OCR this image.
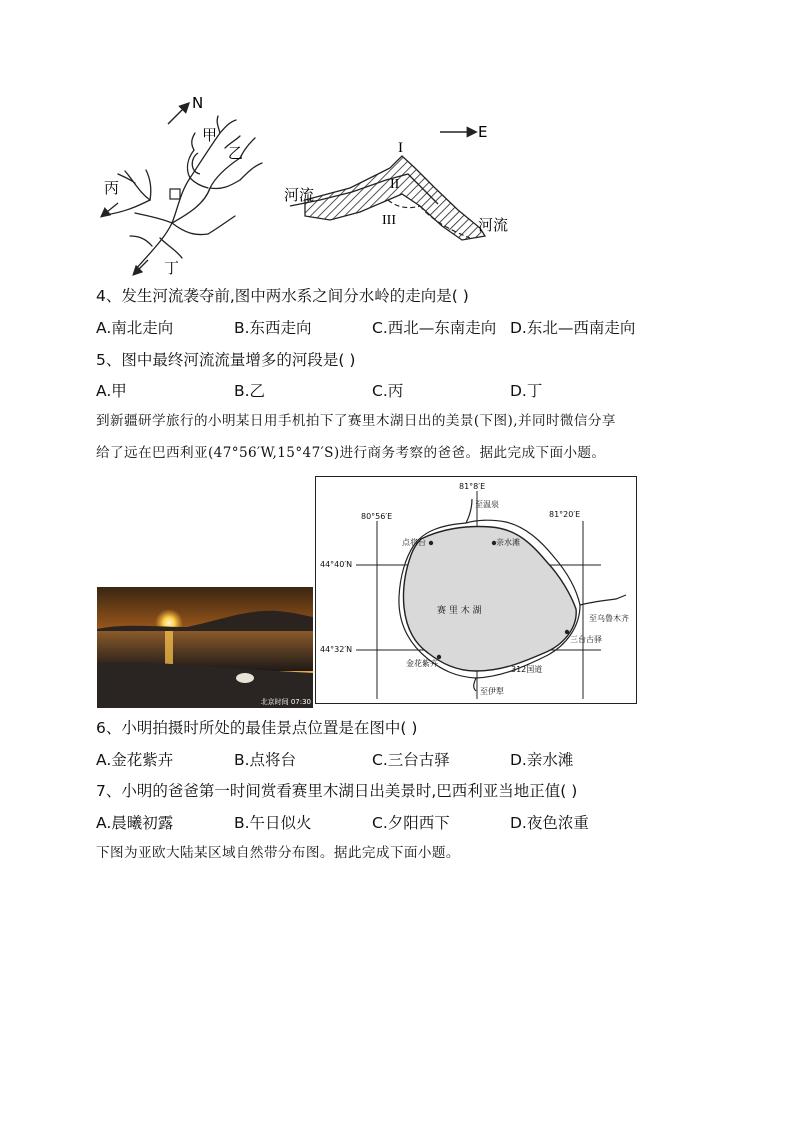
N
甲
乙
丙
丁
E
I
II
III
河流
河流
4、发生河流袭夺前,图中两水系之间分水岭的走向是( )
A.南北走向	B.东西走向	C.西北—东南走向 D.东北—西南走向
5、图中最终河流流量增多的河段是( )
A.甲	B.乙	C.丙	D.丁
到新疆研学旅行的小明某日用手机拍下了赛里木湖日出的美景(下图),并同时微信分享
给了远在巴西利亚(47°56′W,15°47′S)进行商务考察的爸爸。据此完成下面小题。
北京时间 07:30
81°8′E
80°56′E	81°20′E
44°40′N
44°32′N
至温泉
点将台	亲水滩
赛 里 木 湖
至乌鲁木齐
三台古驿
金花紫卉
312国道
至伊犁
6、小明拍摄时所处的最佳景点位置是在图中( )
A.金花紫卉	B.点将台	C.三台古驿	D.亲水滩
7、小明的爸爸第一时间赏看赛里木湖日出美景时,巴西利亚当地正值( )
A.晨曦初露	B.午日似火	C.夕阳西下	D.夜色浓重
下图为亚欧大陆某区域自然带分布图。据此完成下面小题。
